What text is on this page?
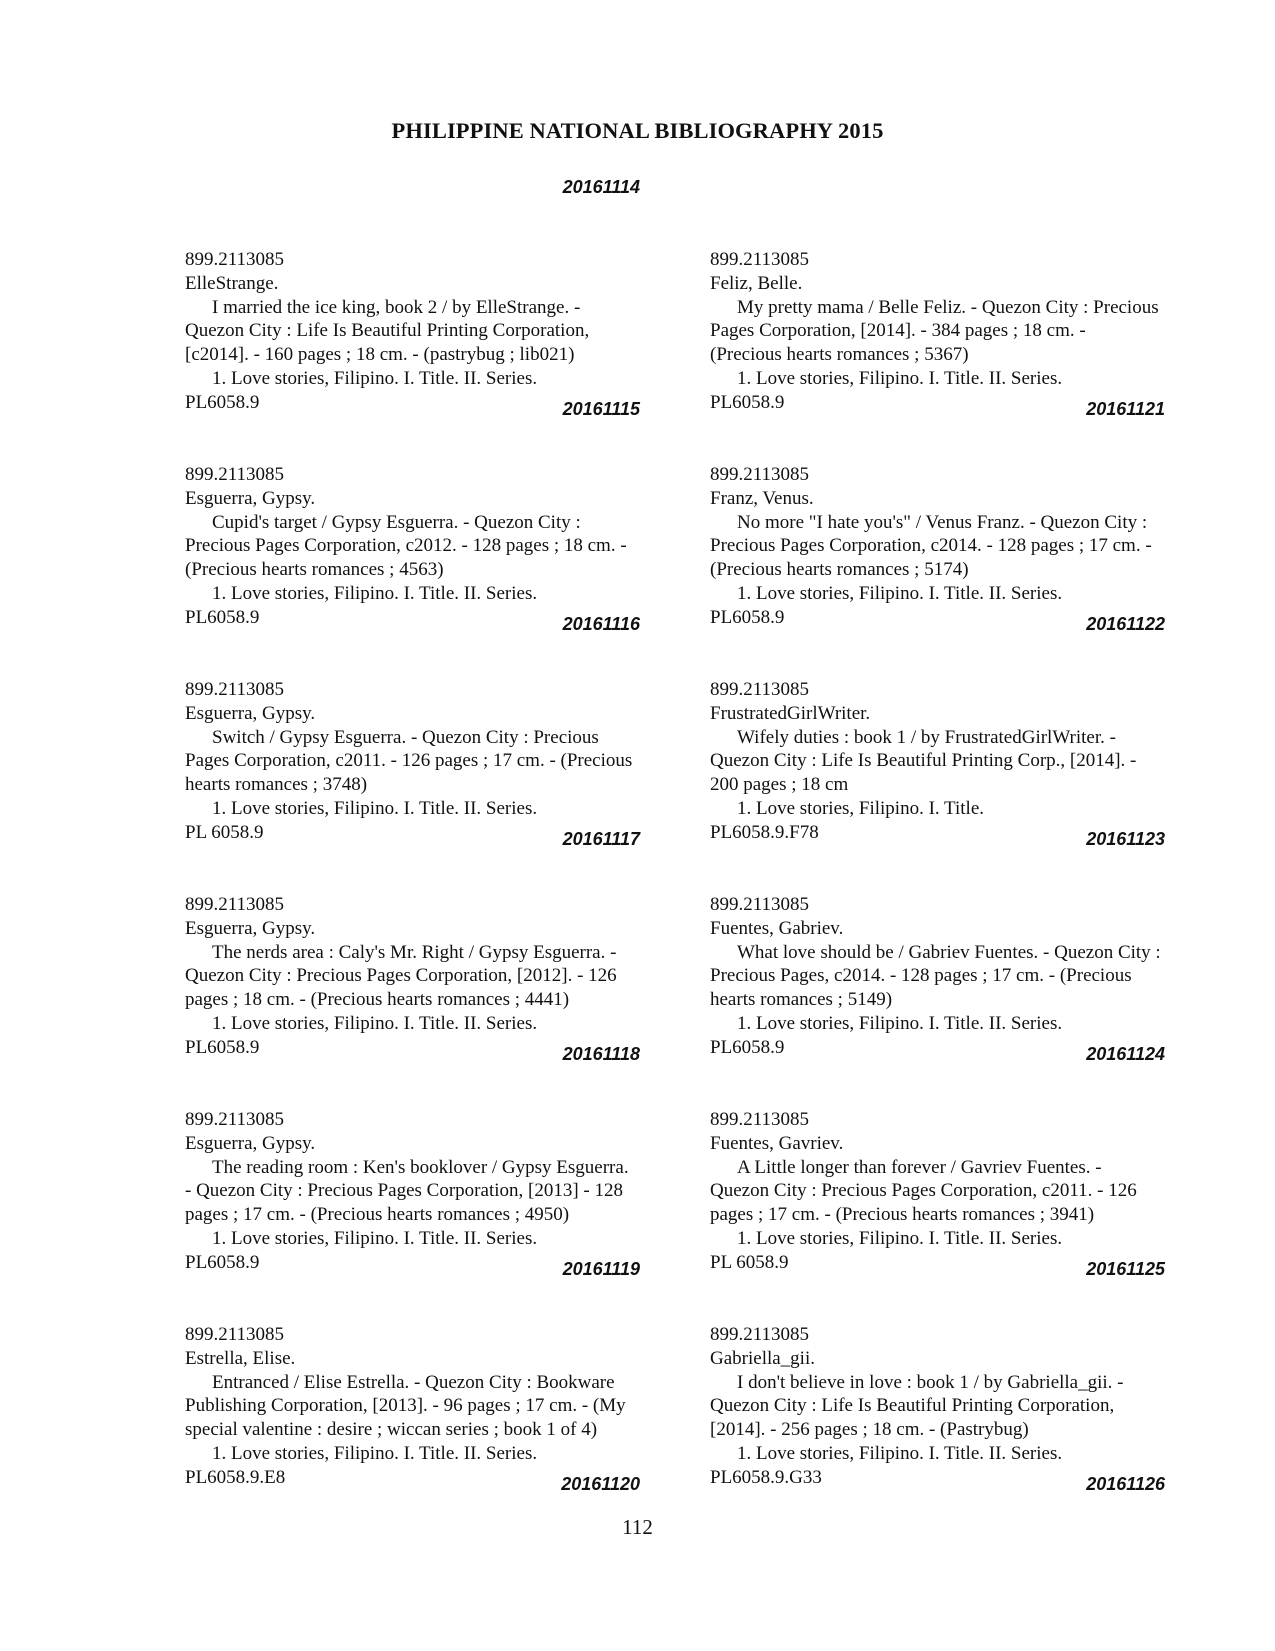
PHILIPPINE NATIONAL BIBLIOGRAPHY 2015
20161114
899.2113085
ElleStrange.
I married the ice king, book 2 / by ElleStrange. -
Quezon City : Life Is Beautiful Printing Corporation,
[c2014]. - 160 pages ; 18 cm. - (pastrybug ; lib021)
1. Love stories, Filipino. I. Title. II. Series.
PL6058.9	20161115
899.2113085
Esguerra, Gypsy.
Cupid's target / Gypsy Esguerra. - Quezon City :
Precious Pages Corporation, c2012. - 128 pages ; 18 cm. -
(Precious hearts romances ; 4563)
1. Love stories, Filipino. I. Title. II. Series.
PL6058.9	20161116
899.2113085
Esguerra, Gypsy.
Switch / Gypsy Esguerra. - Quezon City : Precious
Pages Corporation, c2011. - 126 pages ; 17 cm. - (Precious
hearts romances ; 3748)
1. Love stories, Filipino. I. Title. II. Series.
PL 6058.9	20161117
899.2113085
Esguerra, Gypsy.
The nerds area : Caly's Mr. Right / Gypsy Esguerra. -
Quezon City : Precious Pages Corporation, [2012]. - 126
pages ; 18 cm. - (Precious hearts romances ; 4441)
1. Love stories, Filipino. I. Title. II. Series.
PL6058.9	20161118
899.2113085
Esguerra, Gypsy.
The reading room : Ken's booklover / Gypsy Esguerra.
- Quezon City : Precious Pages Corporation, [2013] - 128
pages ; 17 cm. - (Precious hearts romances ; 4950)
1. Love stories, Filipino. I. Title. II. Series.
PL6058.9	20161119
899.2113085
Estrella, Elise.
Entranced / Elise Estrella. - Quezon City : Bookware
Publishing Corporation, [2013]. - 96 pages ; 17 cm. - (My
special valentine : desire ; wiccan series ; book 1 of 4)
1. Love stories, Filipino. I. Title. II. Series.
PL6058.9.E8	20161120
899.2113085
Feliz, Belle.
My pretty mama / Belle Feliz. - Quezon City : Precious
Pages Corporation, [2014]. - 384 pages ; 18 cm. -
(Precious hearts romances ; 5367)
1. Love stories, Filipino. I. Title. II. Series.
PL6058.9	20161121
899.2113085
Franz, Venus.
No more "I hate you's" / Venus Franz. - Quezon City :
Precious Pages Corporation, c2014. - 128 pages ; 17 cm. -
(Precious hearts romances ; 5174)
1. Love stories, Filipino. I. Title. II. Series.
PL6058.9	20161122
899.2113085
FrustratedGirlWriter.
Wifely duties : book 1 / by FrustratedGirlWriter. -
Quezon City : Life Is Beautiful Printing Corp., [2014]. -
200 pages ; 18 cm
1. Love stories, Filipino. I. Title.
PL6058.9.F78	20161123
899.2113085
Fuentes, Gabriev.
What love should be / Gabriev Fuentes. - Quezon City :
Precious Pages, c2014. - 128 pages ; 17 cm. - (Precious
hearts romances ; 5149)
1. Love stories, Filipino. I. Title. II. Series.
PL6058.9	20161124
899.2113085
Fuentes, Gavriev.
A Little longer than forever / Gavriev Fuentes. -
Quezon City : Precious Pages Corporation, c2011. - 126
pages ; 17 cm. - (Precious hearts romances ; 3941)
1. Love stories, Filipino. I. Title. II. Series.
PL 6058.9	20161125
899.2113085
Gabriella_gii.
I don't believe in love : book 1 / by Gabriella_gii. -
Quezon City : Life Is Beautiful Printing Corporation,
[2014]. - 256 pages ; 18 cm. - (Pastrybug)
1. Love stories, Filipino. I. Title. II. Series.
PL6058.9.G33	20161126
112
